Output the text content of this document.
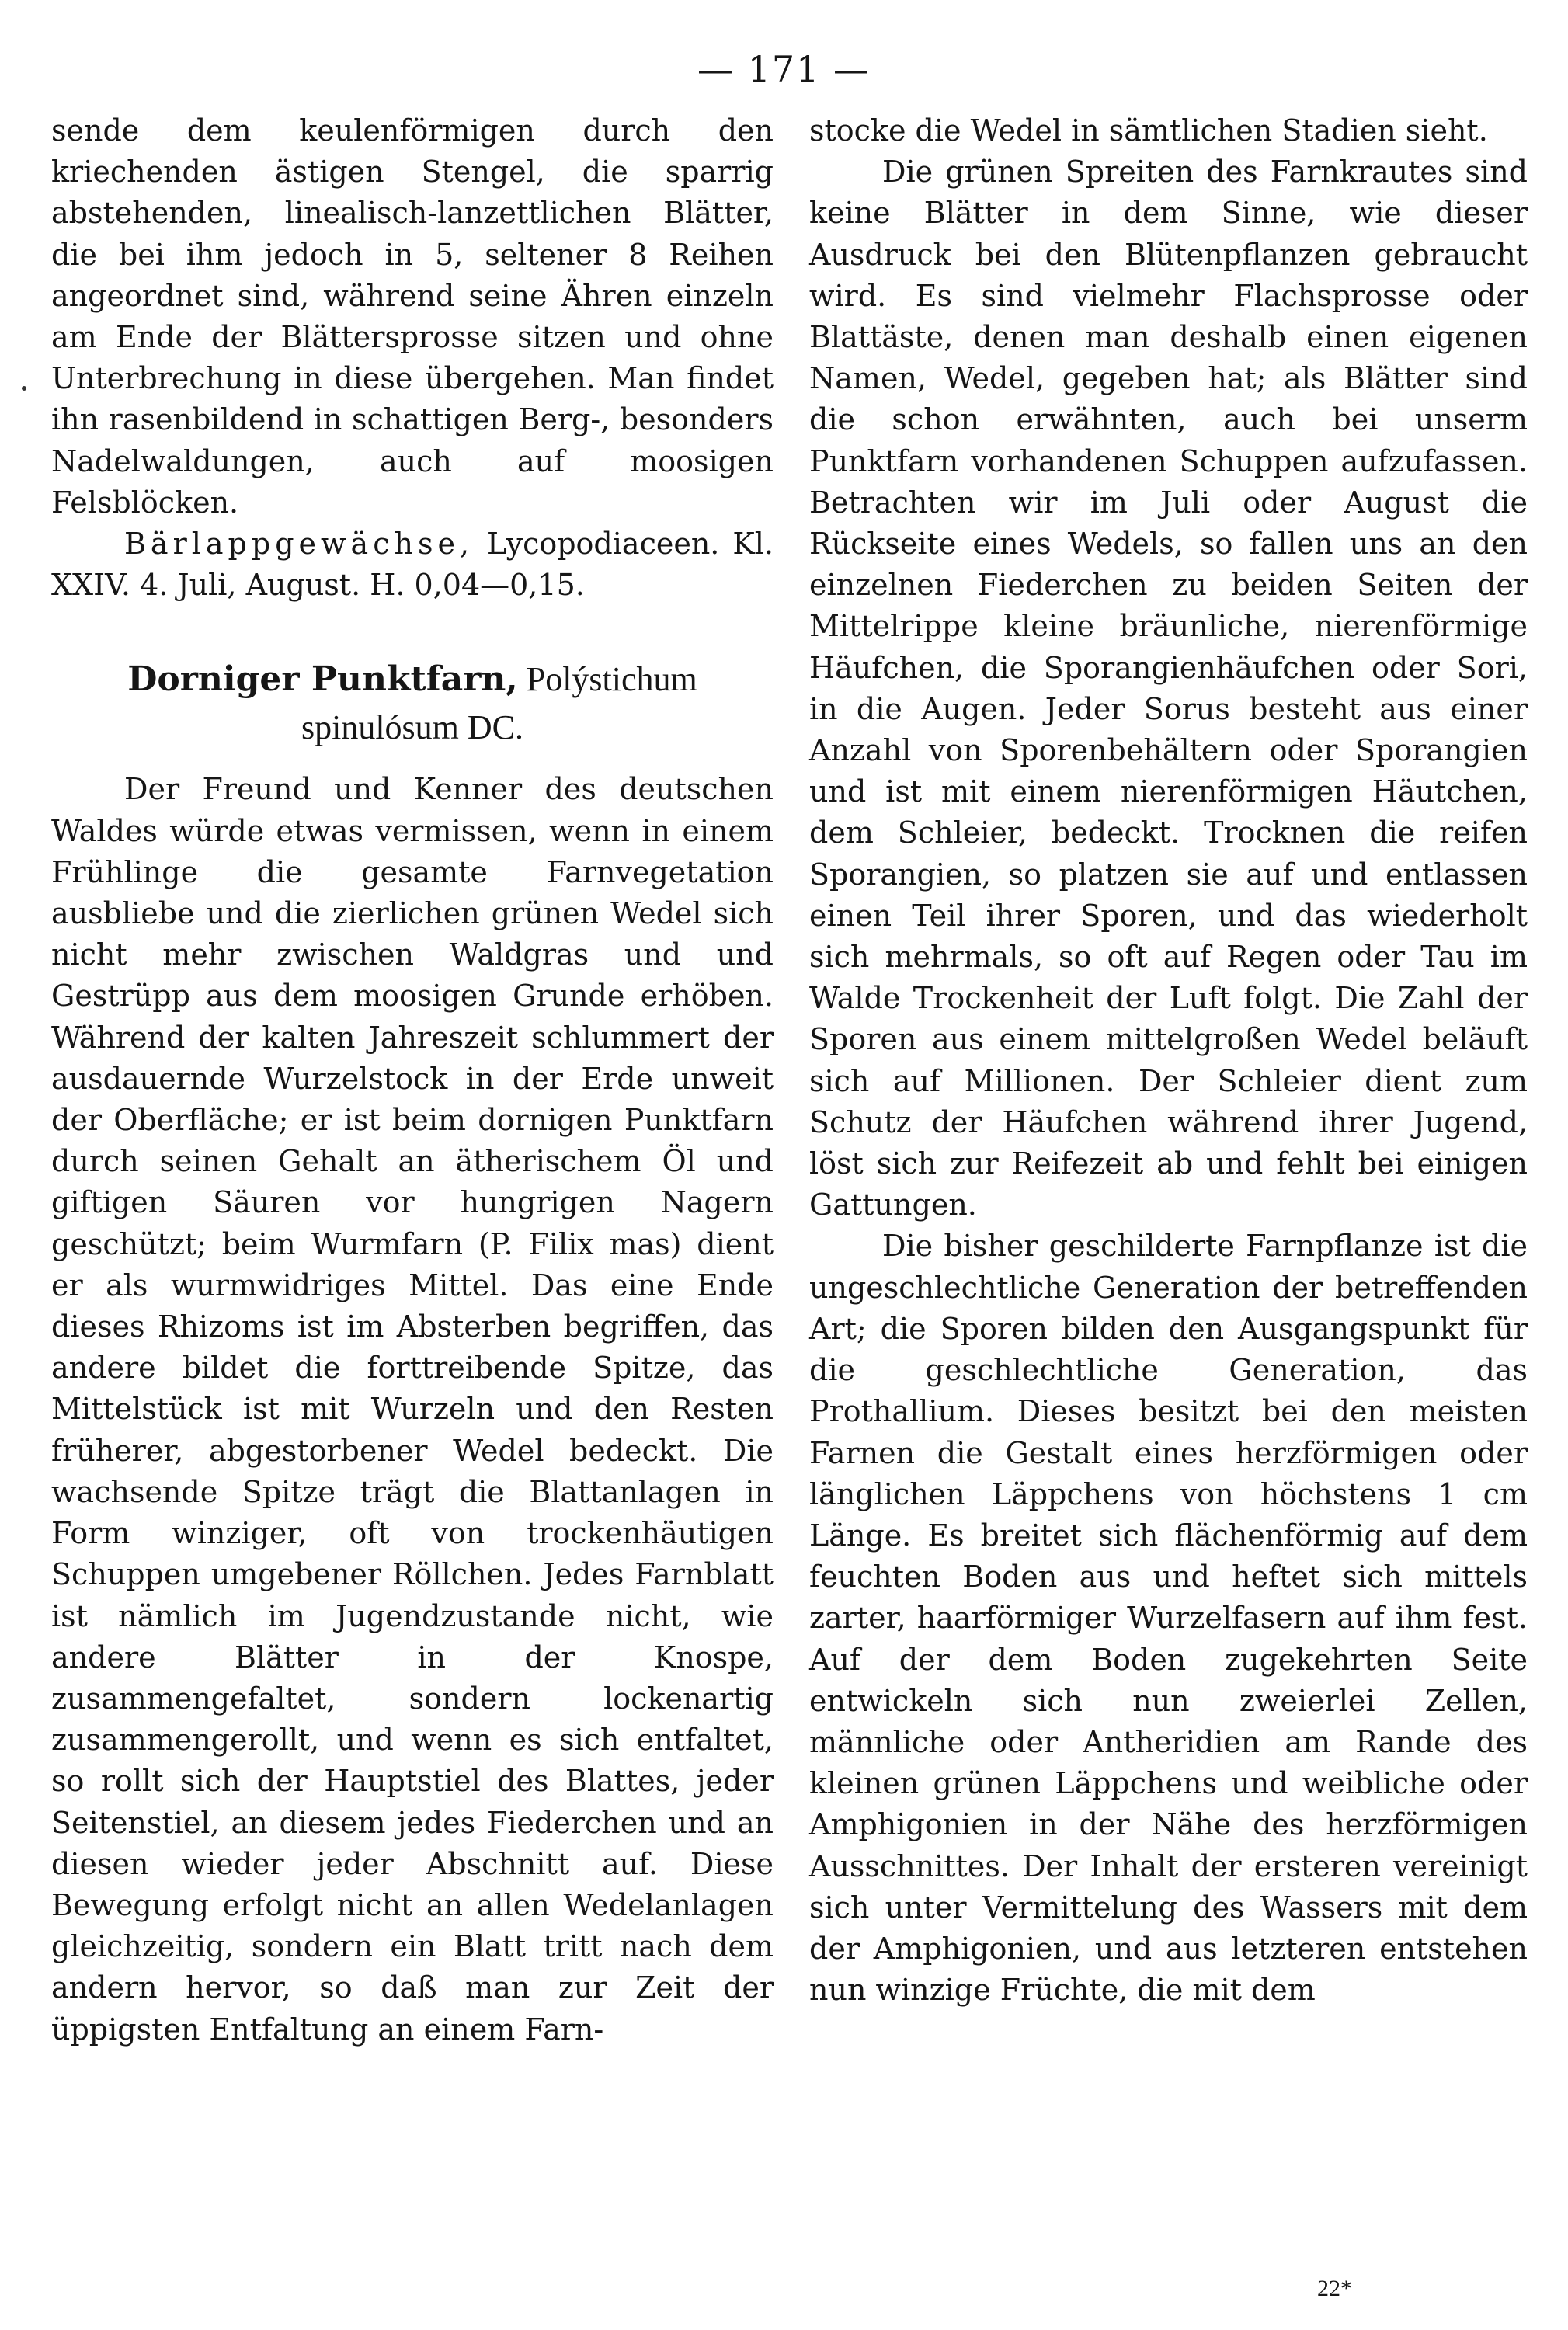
— 171 —

sende dem keulenförmigen durch den kriechenden ästigen Stengel, die sparrig abstehenden, linealisch-lanzettlichen Blätter, die bei ihm jedoch in 5, seltener 8 Reihen angeordnet sind, während seine Ähren einzeln am Ende der Blättersprosse sitzen und ohne Unterbrechung in diese übergehen. Man findet ihn rasenbildend in schattigen Berg-, besonders Nadelwaldungen, auch auf moosigen Felsblöcken.

Bärlappgewächse, Lycopodiaceen. Kl. XXIV. 4. Juli, August. H. 0,04—0,15.

Dorniger Punktfarn, Polýstichum spinulósum DC.

Der Freund und Kenner des deutschen Waldes würde etwas vermissen, wenn in einem Frühlinge die gesamte Farnvegetation ausbliebe und die zierlichen grünen Wedel sich nicht mehr zwischen Waldgras und und Gestrüpp aus dem moosigen Grunde erhöben. Während der kalten Jahreszeit schlummert der ausdauernde Wurzelstock in der Erde unweit der Oberfläche; er ist beim dornigen Punktfarn durch seinen Gehalt an ätherischem Öl und giftigen Säuren vor hungrigen Nagern geschützt; beim Wurmfarn (P. Filix mas) dient er als wurmwidriges Mittel. Das eine Ende dieses Rhizoms ist im Absterben begriffen, das andere bildet die forttreibende Spitze, das Mittelstück ist mit Wurzeln und den Resten früherer, abgestorbener Wedel bedeckt. Die wachsende Spitze trägt die Blattanlagen in Form winziger, oft von trockenhäutigen Schuppen umgebener Röllchen. Jedes Farnblatt ist nämlich im Jugendzustande nicht, wie andere Blätter in der Knospe, zusammengefaltet, sondern lockenartig zusammengerollt, und wenn es sich entfaltet, so rollt sich der Hauptstiel des Blattes, jeder Seitenstiel, an diesem jedes Fiederchen und an diesen wieder jeder Abschnitt auf. Diese Bewegung erfolgt nicht an allen Wedelanlagen gleichzeitig, sondern ein Blatt tritt nach dem andern hervor, so daß man zur Zeit der üppigsten Entfaltung an einem Farn-

stocke die Wedel in sämtlichen Stadien sieht.

Die grünen Spreiten des Farnkrautes sind keine Blätter in dem Sinne, wie dieser Ausdruck bei den Blütenpflanzen gebraucht wird. Es sind vielmehr Flachsprosse oder Blattäste, denen man deshalb einen eigenen Namen, Wedel, gegeben hat; als Blätter sind die schon erwähnten, auch bei unserm Punktfarn vorhandenen Schuppen aufzufassen. Betrachten wir im Juli oder August die Rückseite eines Wedels, so fallen uns an den einzelnen Fiederchen zu beiden Seiten der Mittelrippe kleine bräunliche, nierenförmige Häufchen, die Sporangienhäufchen oder Sori, in die Augen. Jeder Sorus besteht aus einer Anzahl von Sporenbehältern oder Sporangien und ist mit einem nierenförmigen Häutchen, dem Schleier, bedeckt. Trocknen die reifen Sporangien, so platzen sie auf und entlassen einen Teil ihrer Sporen, und das wiederholt sich mehrmals, so oft auf Regen oder Tau im Walde Trockenheit der Luft folgt. Die Zahl der Sporen aus einem mittelgroßen Wedel beläuft sich auf Millionen. Der Schleier dient zum Schutz der Häufchen während ihrer Jugend, löst sich zur Reifezeit ab und fehlt bei einigen Gattungen.

Die bisher geschilderte Farnpflanze ist die ungeschlechtliche Generation der betreffenden Art; die Sporen bilden den Ausgangspunkt für die geschlechtliche Generation, das Prothallium. Dieses besitzt bei den meisten Farnen die Gestalt eines herzförmigen oder länglichen Läppchens von höchstens 1 cm Länge. Es breitet sich flächenförmig auf dem feuchten Boden aus und heftet sich mittels zarter, haarförmiger Wurzelfasern auf ihm fest. Auf der dem Boden zugekehrten Seite entwickeln sich nun zweierlei Zellen, männliche oder Antheridien am Rande des kleinen grünen Läppchens und weibliche oder Amphigonien in der Nähe des herzförmigen Ausschnittes. Der Inhalt der ersteren vereinigt sich unter Vermittelung des Wassers mit dem der Amphigonien, und aus letzteren entstehen nun winzige Früchte, die mit dem

22*
